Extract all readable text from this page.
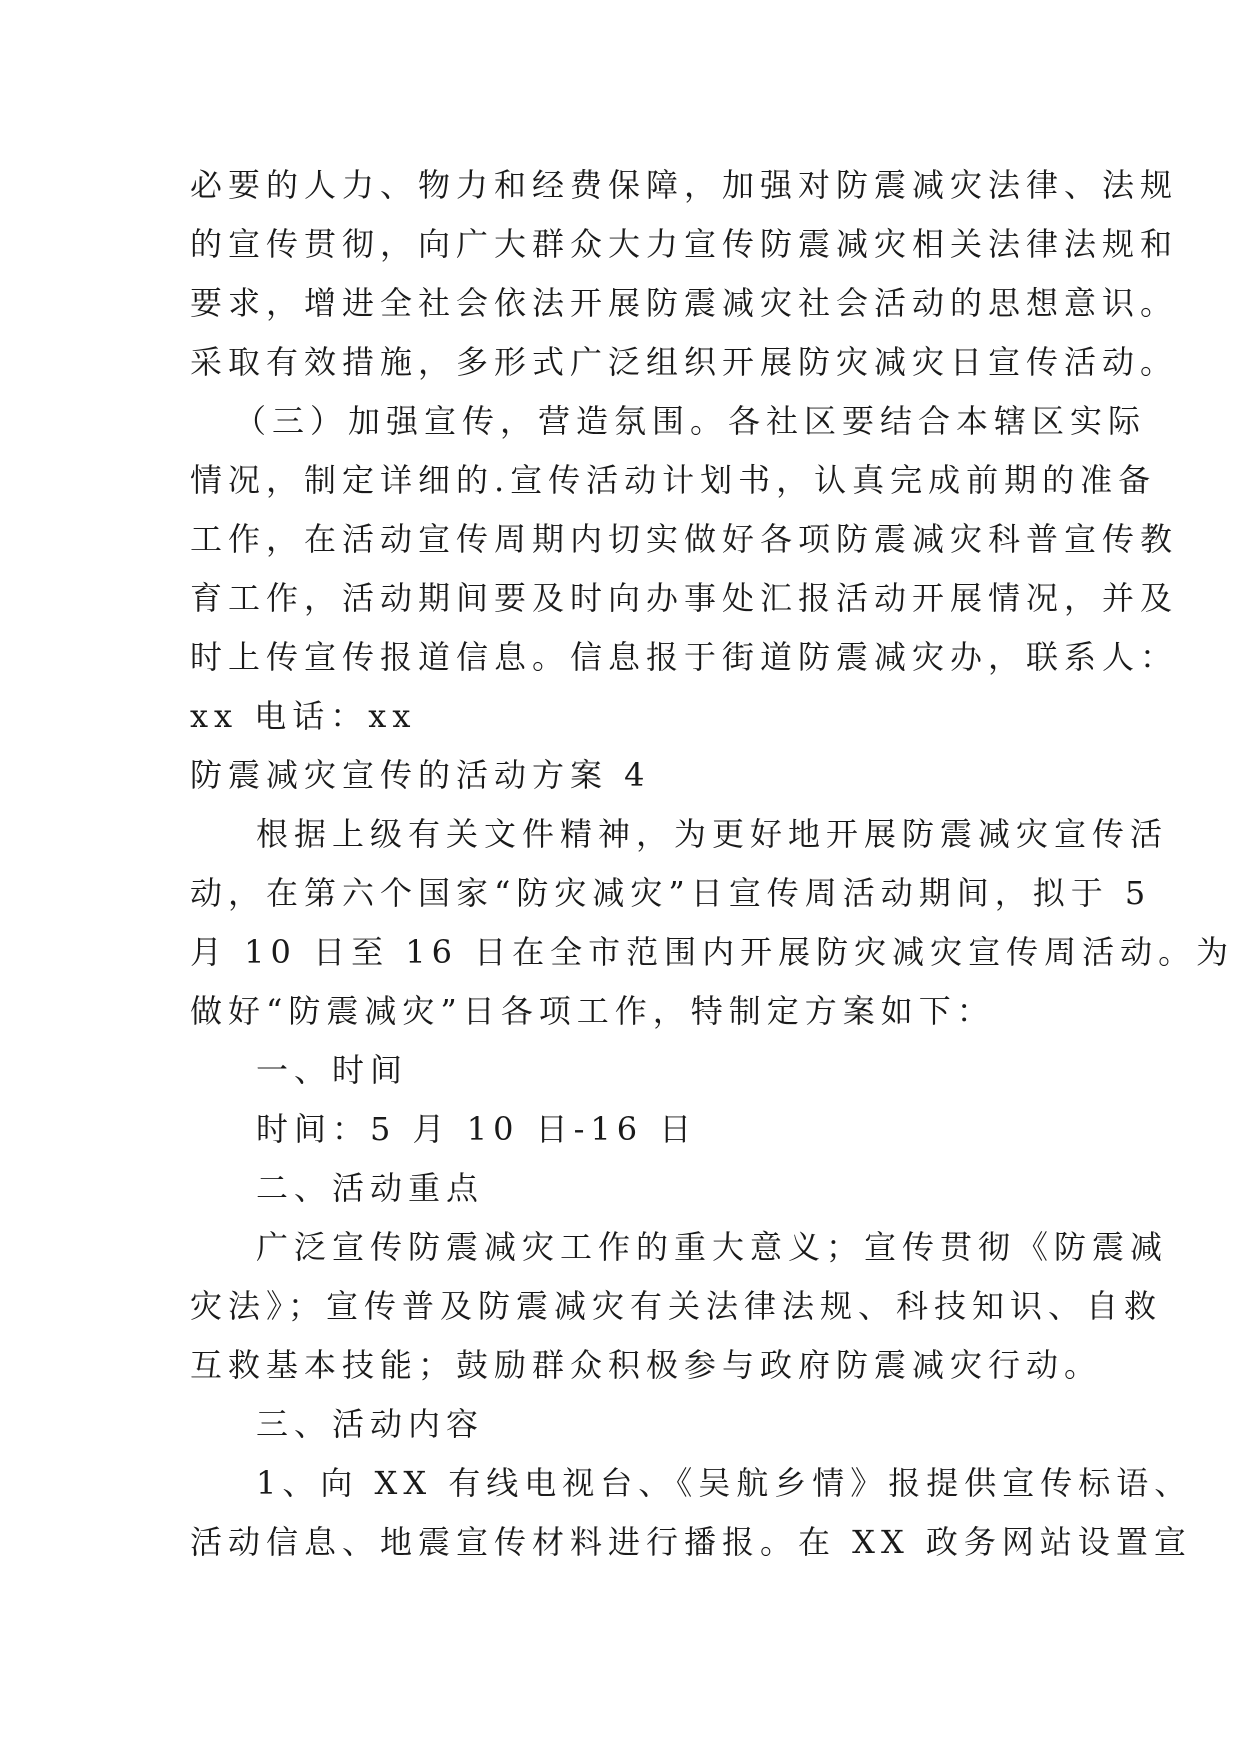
必要的人力、物力和经费保障，加强对防震减灾法律、法规
的宣传贯彻，向广大群众大力宣传防震减灾相关法律法规和
要求，增进全社会依法开展防震减灾社会活动的思想意识。
采取有效措施，多形式广泛组织开展防灾减灾日宣传活动。
（三）加强宣传，营造氛围。各社区要结合本辖区实际
情况，制定详细的.宣传活动计划书，认真完成前期的准备
工作，在活动宣传周期内切实做好各项防震减灾科普宣传教
育工作，活动期间要及时向办事处汇报活动开展情况，并及
时上传宣传报道信息。信息报于街道防震减灾办，联系人：
xx 电话：xx
防震减灾宣传的活动方案 4
根据上级有关文件精神，为更好地开展防震减灾宣传活
动，在第六个国家“防灾减灾”日宣传周活动期间，拟于 5
月 10 日至 16 日在全市范围内开展防灾减灾宣传周活动。为
做好“防震减灾”日各项工作，特制定方案如下：
一、时间
时间：5 月 10 日-16 日
二、活动重点
广泛宣传防震减灾工作的重大意义；宣传贯彻《防震减
灾法》；宣传普及防震减灾有关法律法规、科技知识、自救
互救基本技能；鼓励群众积极参与政府防震减灾行动。
三、活动内容
1、向 XX 有线电视台、《吴航乡情》报提供宣传标语、
活动信息、地震宣传材料进行播报。在 XX 政务网站设置宣
